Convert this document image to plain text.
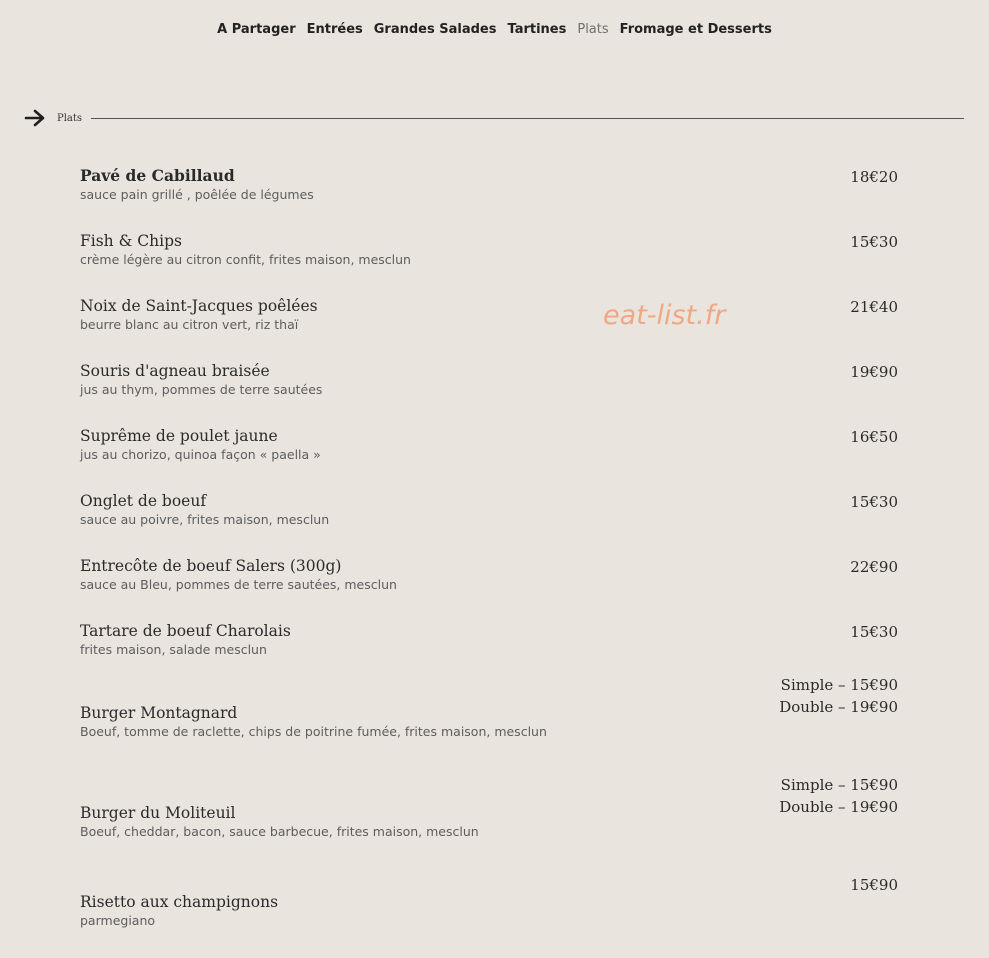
A Partager Entrées Grandes Salades Tartines Plats Fromage et Desserts
Plats
eat-list.fr
Pavé de Cabillaud
sauce pain grillé , poêlée de légumes
18€20
Fish & Chips
crème légère au citron confit, frites maison, mesclun
15€30
Noix de Saint-Jacques poêlées
beurre blanc au citron vert, riz thaï
21€40
Souris d'agneau braisée
jus au thym, pommes de terre sautées
19€90
Suprême de poulet jaune
jus au chorizo, quinoa façon « paella »
16€50
Onglet de boeuf
sauce au poivre, frites maison, mesclun
15€30
Entrecôte de boeuf Salers (300g)
sauce au Bleu, pommes de terre sautées, mesclun
22€90
Tartare de boeuf Charolais
frites maison, salade mesclun
15€30
Burger Montagnard
Boeuf, tomme de raclette, chips de poitrine fumée, frites maison, mesclun
Simple – 15€90
Double – 19€90
Burger du Moliteuil
Boeuf, cheddar, bacon, sauce barbecue, frites maison, mesclun
Simple – 15€90
Double – 19€90
Risetto aux champignons
parmegiano
15€90
